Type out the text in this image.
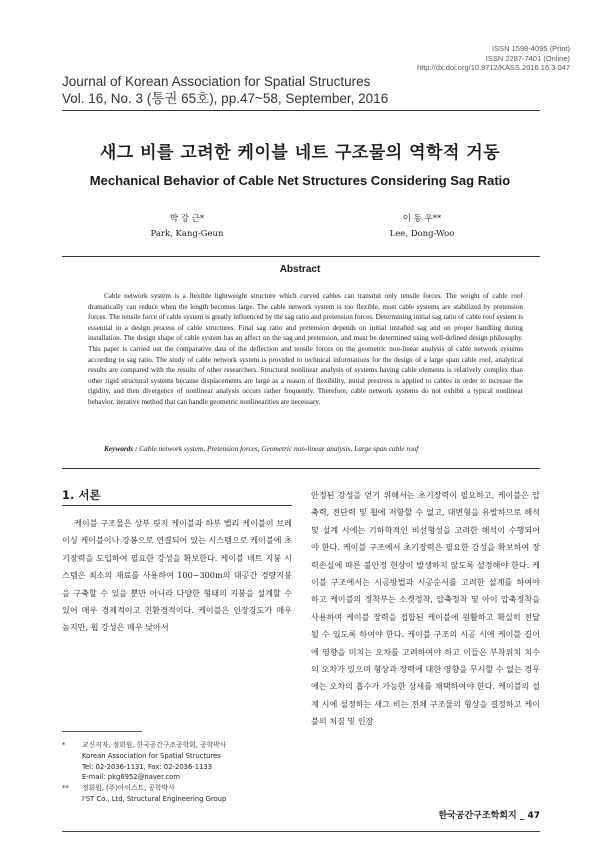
ISSN 1598-4095 (Print)
ISSN 2287-7401 (Online)
http://dx.doi.org/10.9712/KASS.2016.16.3.047
Journal of Korean Association for Spatial Structures
Vol. 16, No. 3 (통권 65호), pp.47~58, September, 2016
새그 비를 고려한 케이블 네트 구조물의 역학적 거동
Mechanical Behavior of Cable Net Structures Considering Sag Ratio
박 강 근*
Park, Kang-Geun
이 동 우**
Lee, Dong-Woo
Abstract

Cable network system is a flexible lightweight structure which curved cables can transmit only tensile forces. The weight of cable roof dramatically can reduce when the length becomes large. The cable network system is too flexible, most cable systems are stabilized by pretension forces. The tensile force of cable system is greatly influenced by the sag ratio and pretension forces. Determining initial sag ratio of cable roof system is essential in a design process of cable structures. Final sag ratio and pretension depends on initial installed sag and on proper handling during installation. The design shape of cable system has an affect on the sag and pretension, and must be determined using well-defined design philosophy. This paper is carried out the comparative data of the deflection and tensile forces on the geometric non-linear analysis of cable network systems according to sag ratio. The study of cable network system is provided to technical informations for the design of a large span cable roof, analytical results are compared with the results of other researchers. Structural nonlinear analysis of systems having cable elements is relatively complex than other rigid structural systems because displacements are large as a reason of flexibility, initial prestress is applied to cables in order to increase the rigidity, and then divergence of nonlinear analysis occurs rather frequently. Therefore, cable network systems do not exhibit a typical nonlinear behavior, iterative method that can handle geometric nonlinearities are necessary.

Keywords : Cable network system, Pretension forces, Geometric non-linear analysis, Large span cable roof
1. 서론

케이블 구조물은 상부 릿지 케이블과 하부 밸리 케이블이 브레이싱 케이블이나 강봉으로 연결되어 있는 시스템으로 케이블에 초기장력을 도입하여 필요한 강성을 확보한다. 케이블 네트 지붕 시스템은 최소의 재료를 사용하여 100~300m의 대공간 경량지붕을 구축할 수 있을 뿐만 아니라 다양한 형태의 지붕을 설계할 수 있어 매우 경제적이고 친환경적이다. 케이블은 인장강도가 매우 높지만, 휨 강성은 매우 낮아서

안정된 강성을 얻기 위해서는 초기장력이 필요하고, 케이블은 압축력, 전단력 및 휨에 저항할 수 없고, 대변형을 유발하므로 해석 및 설계 시에는 기하학적인 비선형성을 고려한 해석이 수행되어야 한다. 케이블 구조에서 초기장력은 필요한 강성을 확보하여 장력손실에 따른 불안정 현상이 발생하지 않도록 설정해야 한다. 케이블 구조에서는 시공방법과 시공순서를 고려한 설계를 하여야 하고 케이블의 정착부는 소켓정착, 압축정착 및 아이 압축정착을 사용하며 케이블 장력을 접합된 케이블에 원활하고 확실히 전달될 수 있도록 하여야 한다. 케이블 구조의 시공 시에 케이블 길이에 영향을 미치는 오차를 고려하여야 하고 이들은 부착위치 치수의 오차가 있으며 형상과 장력에 대한 영향을 무시할 수 없는 경우에는 오차의 흡수가 가능한 상세를 채택하여야 한다. 케이블의 설계 시에 설정하는 새그 비는 전체 구조물의 형상을 결정하고 케이블의 처짐 및 인장

*	교신저자, 정회원, 한국공간구조공학회, 공학박사
Korean Association for Spatial Structures
Tel: 02-2036-1131, Fax: 02-2036-1133
E-mail: pkg6952@naver.com
**	정회원, (주)아이스트, 공학박사
I'ST Co., Ltd, Structural Engineering Group
한국공간구조학회지 _ 47
